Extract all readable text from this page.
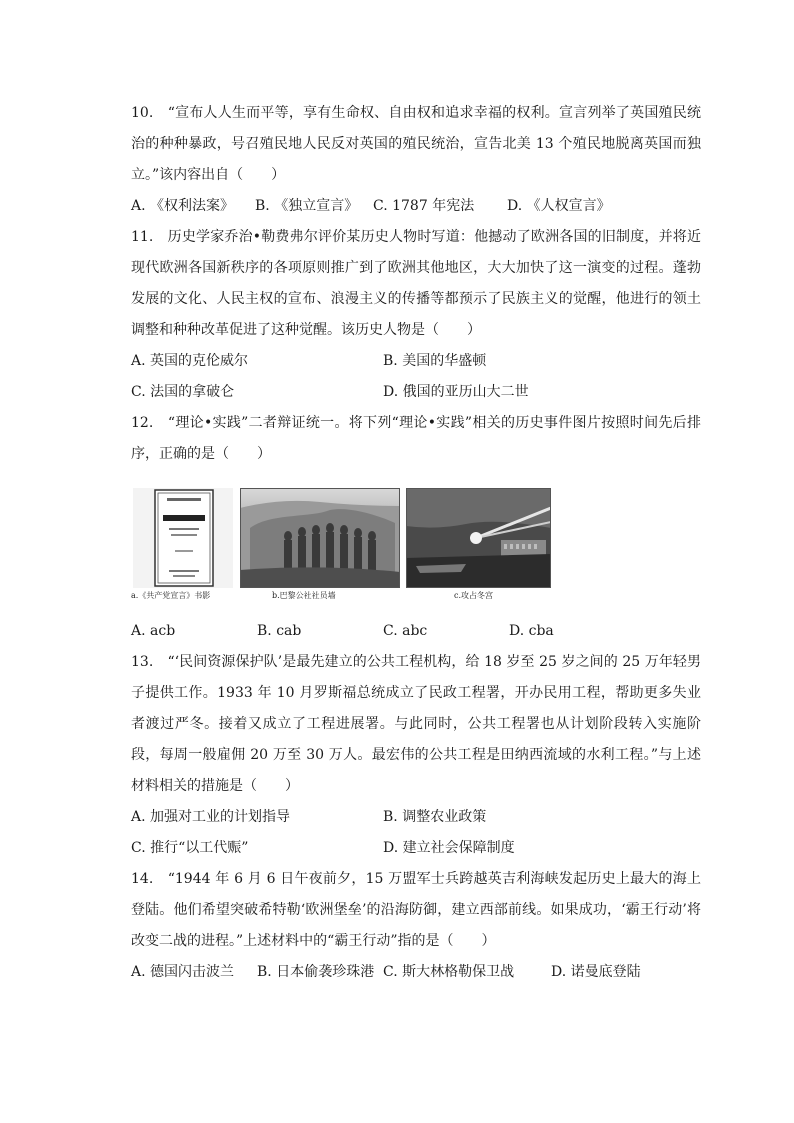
10.　“宣布人人生而平等，享有生命权、自由权和追求幸福的权利。宣言列举了英国殖民统治的种种暴政，号召殖民地人民反对英国的殖民统治，宣告北美 13 个殖民地脱离英国而独立。”该内容出自（　　）

A. 《权利法案》	B. 《独立宣言》	C. 1787 年宪法	D. 《人权宣言》

11.　历史学家乔治•勒费弗尔评价某历史人物时写道：他撼动了欧洲各国的旧制度，并将近现代欧洲各国新秩序的各项原则推广到了欧洲其他地区，大大加快了这一演变的过程。蓬勃发展的文化、人民主权的宣布、浪漫主义的传播等都预示了民族主义的觉醒，他进行的领土调整和种种改革促进了这种觉醒。该历史人物是（　　）

A. 英国的克伦威尔	B. 美国的华盛顿
C. 法国的拿破仑	D. 俄国的亚历山大二世

12.　“理论•实践”二者辩证统一。将下列“理论•实践”相关的历史事件图片按照时间先后排序，正确的是（　　）

a.《共产党宣言》书影	b.巴黎公社社员墙	c.攻占冬宫
A. acb	B. cab	C. abc	D. cba

13.　“‘民间资源保护队’是最先建立的公共工程机构，给 18 岁至 25 岁之间的 25 万年轻男子提供工作。1933 年 10 月罗斯福总统成立了民政工程署，开办民用工程，帮助更多失业者渡过严冬。接着又成立了工程进展署。与此同时，公共工程署也从计划阶段转入实施阶段，每周一般雇佣 20 万至 30 万人。最宏伟的公共工程是田纳西流域的水利工程。”与上述材料相关的措施是（　　）

A. 加强对工业的计划指导	B. 调整农业政策
C. 推行“以工代赈”	D. 建立社会保障制度

14.　“1944 年 6 月 6 日午夜前夕，15 万盟军士兵跨越英吉利海峡发起历史上最大的海上登陆。他们希望突破希特勒‘欧洲堡垒’的沿海防御，建立西部前线。如果成功，‘霸王行动’将改变二战的进程。”上述材料中的“霸王行动”指的是（　　）

A. 德国闪击波兰	B. 日本偷袭珍珠港 C. 斯大林格勒保卫战	D. 诺曼底登陆
